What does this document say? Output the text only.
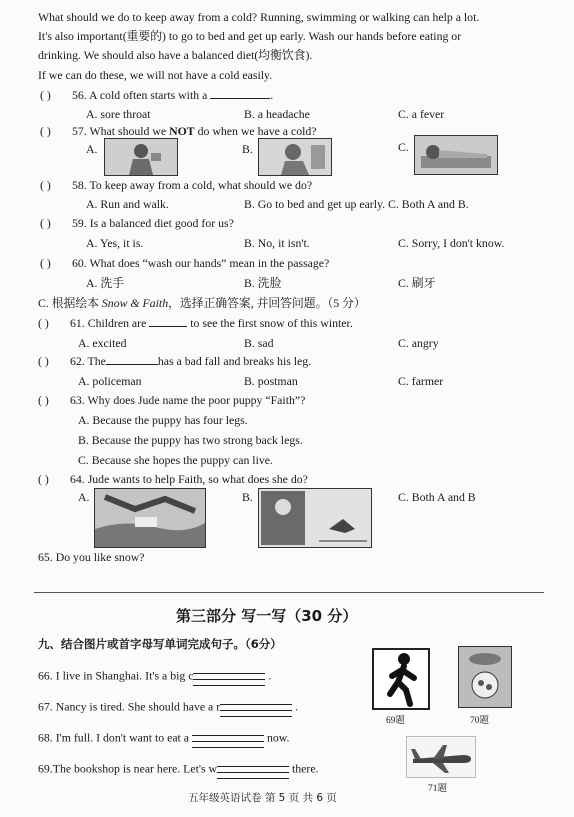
What should we do to keep away from a cold? Running, swimming or walking can help a lot.
It's also important(重要的) to go to bed and get up early. Wash our hands before eating or
drinking. We should also have a balanced diet(均衡饮食).
If we can do these, we will not have a cold easily.
( ) 56. A cold often starts with a	.
A. sore throat	B. a headache	C. a fever
( ) 57. What should we NOT do when we have a cold?
A.	B.	C.
( ) 58. To keep away from a cold, what should we do?
A. Run and walk.	B. Go to bed and get up early. C. Both A and B.
( ) 59. Is a balanced diet good for us?
A. Yes, it is.	B. No, it isn't.	C. Sorry, I don't know.
( ) 60. What does “wash our hands” mean in the passage?
A. 洗手	B. 洗脸	C. 刷牙
C. 根据绘本 Snow & Faith，选择正确答案, 并回答问题。（5 分）
( ) 61. Children are	to see the first snow of this winter.
A. excited	B. sad	C. angry
( ) 62. The	has a bad fall and breaks his leg.
A. policeman	B. postman	C. farmer
( ) 63. Why does Jude name the poor puppy “Faith”?
A. Because the puppy has four legs.
B. Because the puppy has two strong back legs.
C. Because she hopes the puppy can live.
( ) 64. Jude wants to help Faith, so what does she do?
A.	B.	C. Both A and B
65. Do you like snow?
第三部分 写一写（30 分）
九、结合图片或首字母写单词完成句子。（6分）
66. I live in Shanghai. It's a big c	.
67. Nancy is tired. She should have a r	.
68. I'm full. I don't want to eat a	now.
69.The bookshop is near here. Let's w	there.
69题	70题
71题
五年级英语试卷 第 5 页 共 6 页
